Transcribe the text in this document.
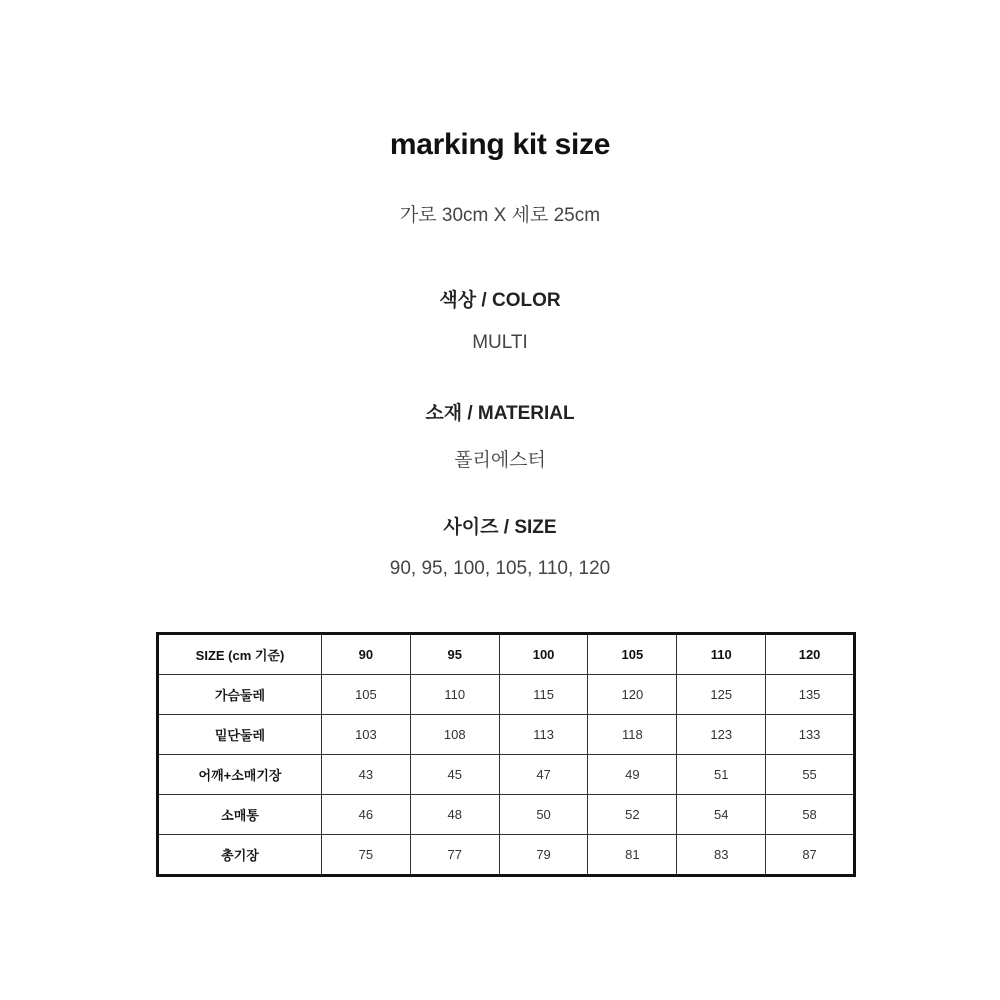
marking kit size
가로 30cm X 세로 25cm
색상 / COLOR
MULTI
소재 / MATERIAL
폴리에스터
사이즈 / SIZE
90, 95, 100, 105, 110, 120
SIZE (cm 기준)	90	95	100	105	110	120
가슴둘레	105	110	115	120	125	135
밑단둘레	103	108	113	118	123	133
어깨+소매기장	43	45	47	49	51	55
소매통	46	48	50	52	54	58
총기장	75	77	79	81	83	87
